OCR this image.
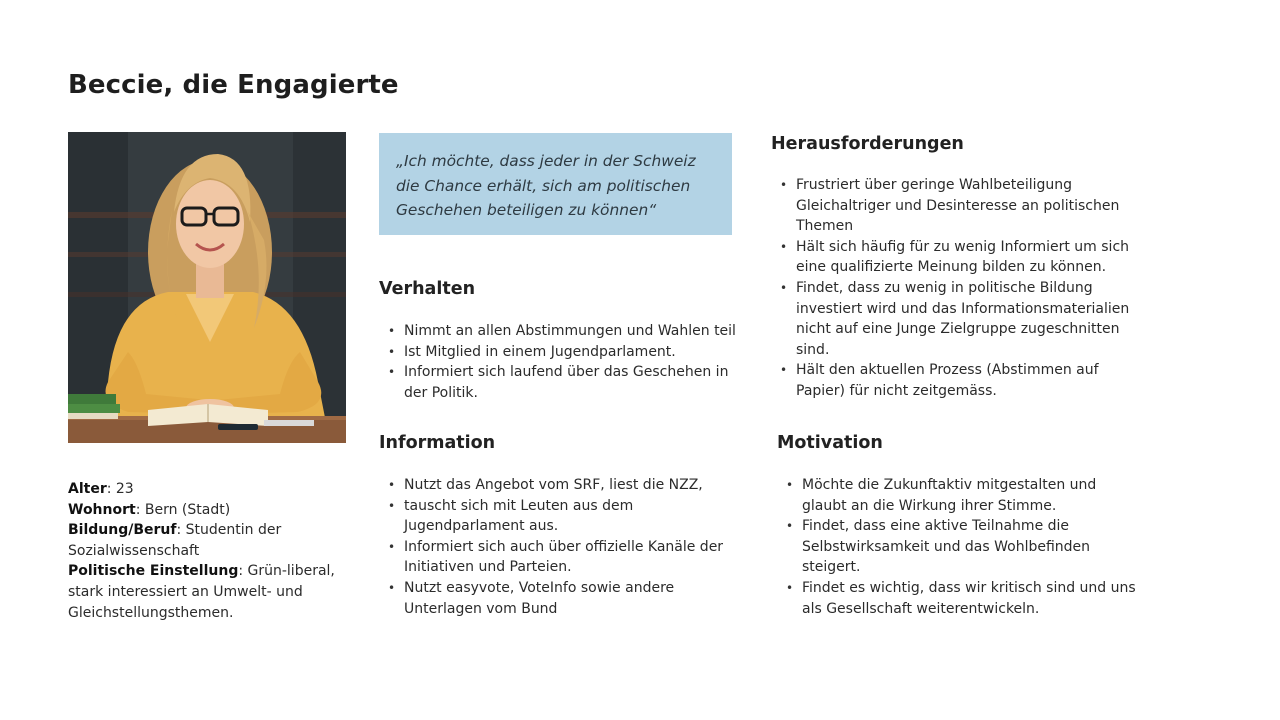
Beccie, die Engagierte

Alter: 23

Wohnort: Bern (Stadt)

Bildung/Beruf: Studentin der Sozialwissenschaft

Politische Einstellung: Grün-liberal, stark interessiert an Umwelt- und Gleichstellungsthemen.

„Ich möchte, dass jeder in der Schweiz die Chance erhält, sich am politischen Geschehen beteiligen zu können“
Verhalten
• Nimmt an allen Abstimmungen und Wahlen teil
• Ist Mitglied in einem Jugendparlament.
• Informiert sich laufend über das Geschehen in der Politik.
Information
• Nutzt das Angebot vom SRF, liest die NZZ,
• tauscht sich mit Leuten aus dem Jugendparlament aus.
• Informiert sich auch über offizielle Kanäle der Initiativen und Parteien.
• Nutzt easyvote, VoteInfo sowie andere Unterlagen vom Bund
Herausforderungen
• Frustriert über geringe Wahlbeteiligung Gleichaltriger und Desinteresse an politischen Themen
• Hält sich häufig für zu wenig Informiert um sich eine qualifizierte Meinung bilden zu können.
• Findet, dass zu wenig in politische Bildung investiert wird und das Informationsmaterialien nicht auf eine Junge Zielgruppe zugeschnitten sind.
• Hält den aktuellen Prozess (Abstimmen auf Papier) für nicht zeitgemäss.
Motivation
• Möchte die Zukunftaktiv mitgestalten und glaubt an die Wirkung ihrer Stimme.
• Findet, dass eine aktive Teilnahme die Selbstwirksamkeit und das Wohlbefinden steigert.
• Findet es wichtig, dass wir kritisch sind und uns als Gesellschaft weiterentwickeln.
